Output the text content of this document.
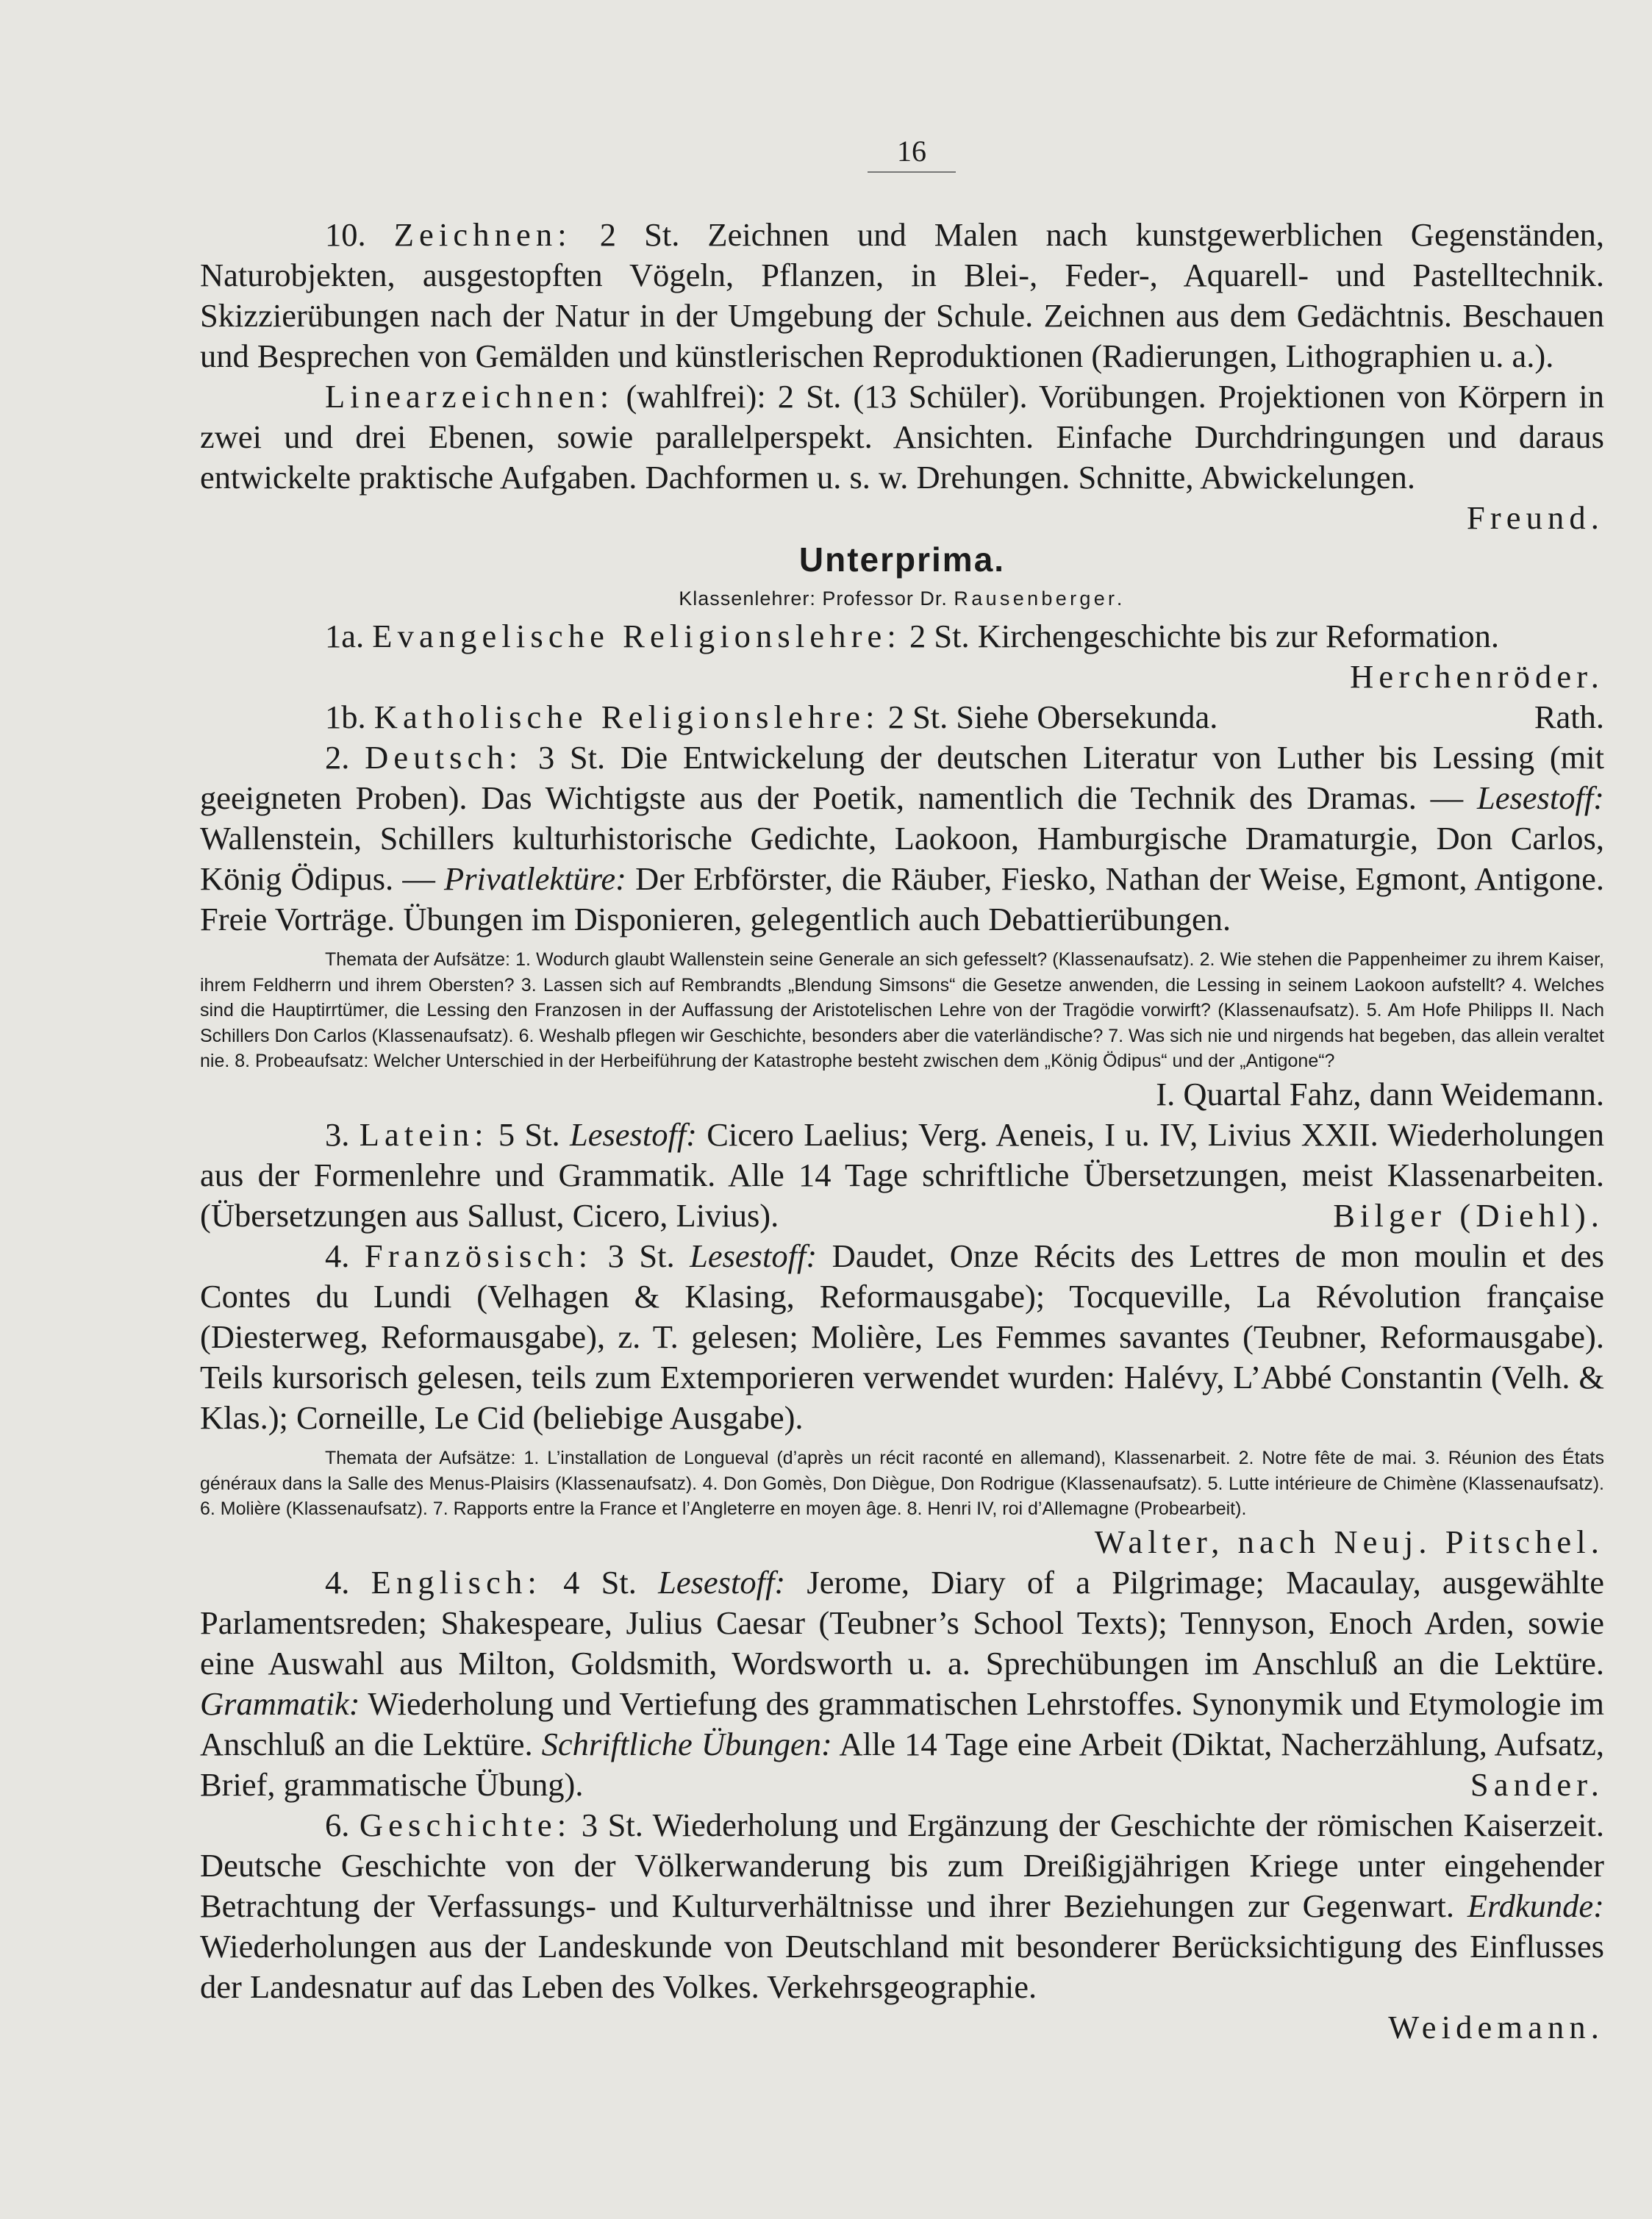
16

10. Zeichnen: 2 St. Zeichnen und Malen nach kunstgewerblichen Gegenständen, Naturobjekten, ausgestopften Vögeln, Pflanzen, in Blei-, Feder-, Aquarell- und Pastelltechnik. Skizzierübungen nach der Natur in der Umgebung der Schule. Zeichnen aus dem Gedächtnis. Beschauen und Besprechen von Gemälden und künstlerischen Reproduktionen (Radierungen, Lithographien u. a.).

Linearzeichnen: (wahlfrei): 2 St. (13 Schüler). Vorübungen. Projektionen von Körpern in zwei und drei Ebenen, sowie parallelperspekt. Ansichten. Einfache Durchdringungen und daraus entwickelte praktische Aufgaben. Dachformen u. s. w. Drehungen. Schnitte, Abwickelungen.
Freund.

Unterprima.
Klassenlehrer: Professor Dr. Rausenberger.

1a. Evangelische Religionslehre: 2 St. Kirchengeschichte bis zur Reformation.

Herchenröder.

1b. Katholische Religionslehre: 2 St. Siehe Obersekunda.	Rath.

2. Deutsch: 3 St. Die Entwickelung der deutschen Literatur von Luther bis Lessing (mit geeigneten Proben). Das Wichtigste aus der Poetik, namentlich die Technik des Dramas. — Lesestoff: Wallenstein, Schillers kulturhistorische Gedichte, Laokoon, Hamburgische Dramaturgie, Don Carlos, König Ödipus. — Privatlektüre: Der Erbförster, die Räuber, Fiesko, Nathan der Weise, Egmont, Antigone. Freie Vorträge. Übungen im Disponieren, gelegentlich auch Debattierübungen.

Themata der Aufsätze: 1. Wodurch glaubt Wallenstein seine Generale an sich gefesselt? (Klassenaufsatz). 2. Wie stehen die Pappenheimer zu ihrem Kaiser, ihrem Feldherrn und ihrem Obersten? 3. Lassen sich auf Rembrandts „Blendung Simsons“ die Gesetze anwenden, die Lessing in seinem Laokoon aufstellt? 4. Welches sind die Hauptirrtümer, die Lessing den Franzosen in der Auffassung der Aristotelischen Lehre von der Tragödie vorwirft? (Klassenaufsatz). 5. Am Hofe Philipps II. Nach Schillers Don Carlos (Klassenaufsatz). 6. Weshalb pflegen wir Geschichte, besonders aber die vaterländische? 7. Was sich nie und nirgends hat begeben, das allein veraltet nie. 8. Probeaufsatz: Welcher Unterschied in der Herbeiführung der Katastrophe besteht zwischen dem „König Ödipus“ und der „Antigone“?

I. Quartal Fahz, dann Weidemann.

3. Latein: 5 St. Lesestoff: Cicero Laelius; Verg. Aeneis, I u. IV, Livius XXII. Wiederholungen aus der Formenlehre und Grammatik. Alle 14 Tage schriftliche Übersetzungen, meist Klassenarbeiten. (Übersetzungen aus Sallust, Cicero, Livius).	Bilger (Diehl).

4. Französisch: 3 St. Lesestoff: Daudet, Onze Récits des Lettres de mon moulin et des Contes du Lundi (Velhagen & Klasing, Reformausgabe); Tocqueville, La Révolution française (Diesterweg, Reformausgabe), z. T. gelesen; Molière, Les Femmes savantes (Teubner, Reformausgabe). Teils kursorisch gelesen, teils zum Extemporieren verwendet wurden: Halévy, L’Abbé Constantin (Velh. & Klas.); Corneille, Le Cid (beliebige Ausgabe).

Themata der Aufsätze: 1. L’installation de Longueval (d’après un récit raconté en allemand), Klassenarbeit. 2. Notre fête de mai. 3. Réunion des États généraux dans la Salle des Menus-Plaisirs (Klassenaufsatz). 4. Don Gomès, Don Diègue, Don Rodrigue (Klassenaufsatz). 5. Lutte intérieure de Chimène (Klassenaufsatz). 6. Molière (Klassenaufsatz). 7. Rapports entre la France et l’Angleterre en moyen âge. 8. Henri IV, roi d’Allemagne (Probearbeit).

Walter, nach Neuj. Pitschel.

4. Englisch: 4 St. Lesestoff: Jerome, Diary of a Pilgrimage; Macaulay, ausgewählte Parlamentsreden; Shakespeare, Julius Caesar (Teubner’s School Texts); Tennyson, Enoch Arden, sowie eine Auswahl aus Milton, Goldsmith, Wordsworth u. a. Sprechübungen im Anschluß an die Lektüre. Grammatik: Wiederholung und Vertiefung des grammatischen Lehrstoffes. Synonymik und Etymologie im Anschluß an die Lektüre. Schriftliche Übungen: Alle 14 Tage eine Arbeit (Diktat, Nacherzählung, Aufsatz, Brief, grammatische Übung).	Sander.

6. Geschichte: 3 St. Wiederholung und Ergänzung der Geschichte der römischen Kaiserzeit. Deutsche Geschichte von der Völkerwanderung bis zum Dreißigjährigen Kriege unter eingehender Betrachtung der Verfassungs- und Kulturverhältnisse und ihrer Beziehungen zur Gegenwart. Erdkunde: Wiederholungen aus der Landeskunde von Deutschland mit besonderer Berücksichtigung des Einflusses der Landesnatur auf das Leben des Volkes. Verkehrsgeographie.

Weidemann.
